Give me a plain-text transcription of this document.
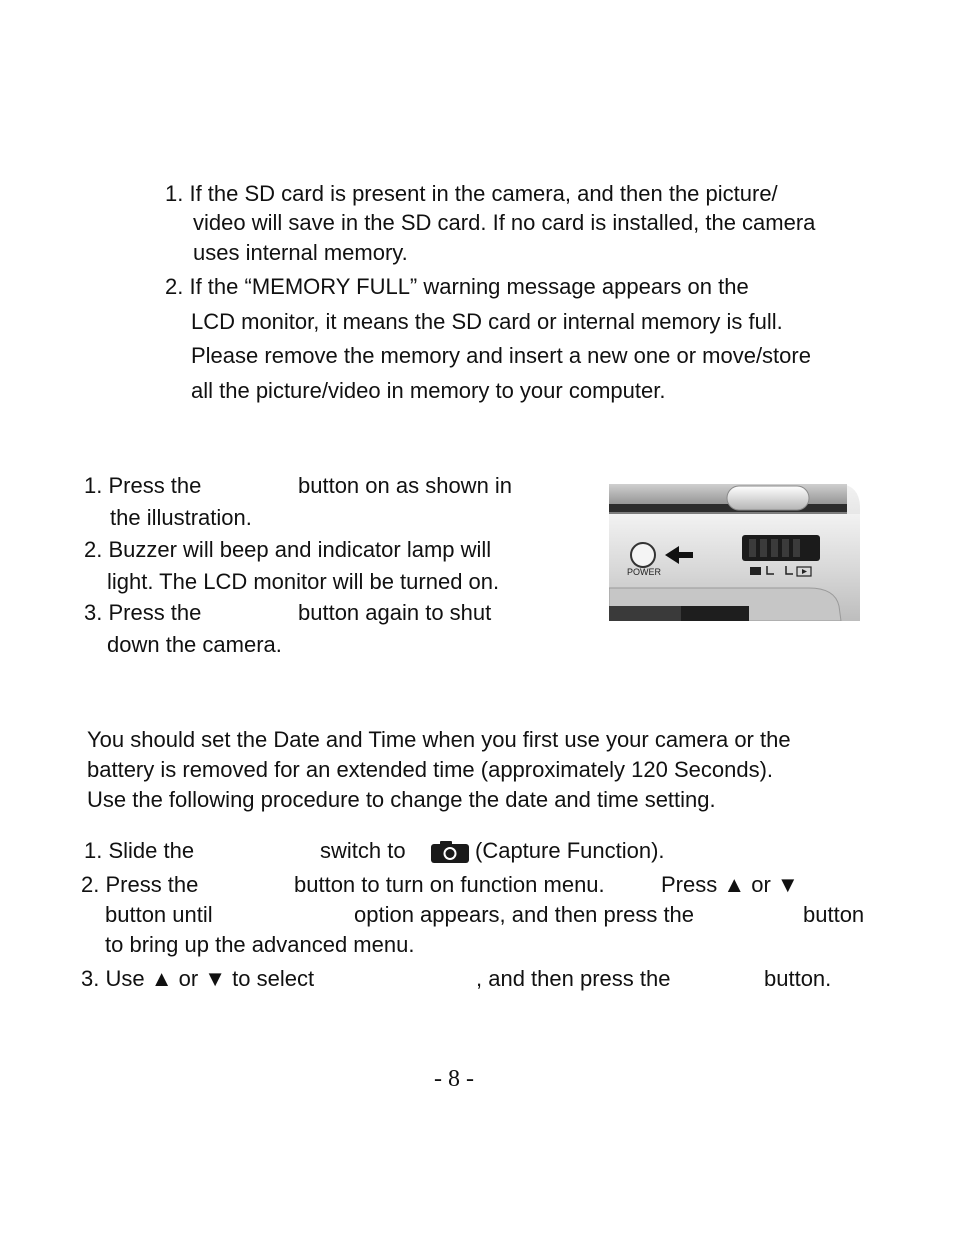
1. If the SD card is present in the camera, and then the picture/
video will save in the SD card. If no card is installed, the camera
uses internal memory.
2. If the “MEMORY FULL” warning message appears on the
LCD monitor, it means the SD card or internal memory is full.
Please remove the memory and insert a new one or move/store
all the picture/video in memory to your computer.
1. Press the	button on as shown in
the illustration.
2. Buzzer will beep and indicator lamp will
light. The LCD monitor will be turned on.
3. Press the	button again to shut
down the camera.
POWER
You should set the Date and Time when you first use your camera or the
battery is removed for an extended time (approximately 120 Seconds).
Use the following procedure to change the date and time setting.
1. Slide the	switch to	(Capture Function).
2. Press the	button to turn on function menu.	Press ▲ or ▼
button until	option appears, and then press the	button
to bring up the advanced menu.
3. Use ▲ or ▼ to select	, and then press the	button.
- 8 -
